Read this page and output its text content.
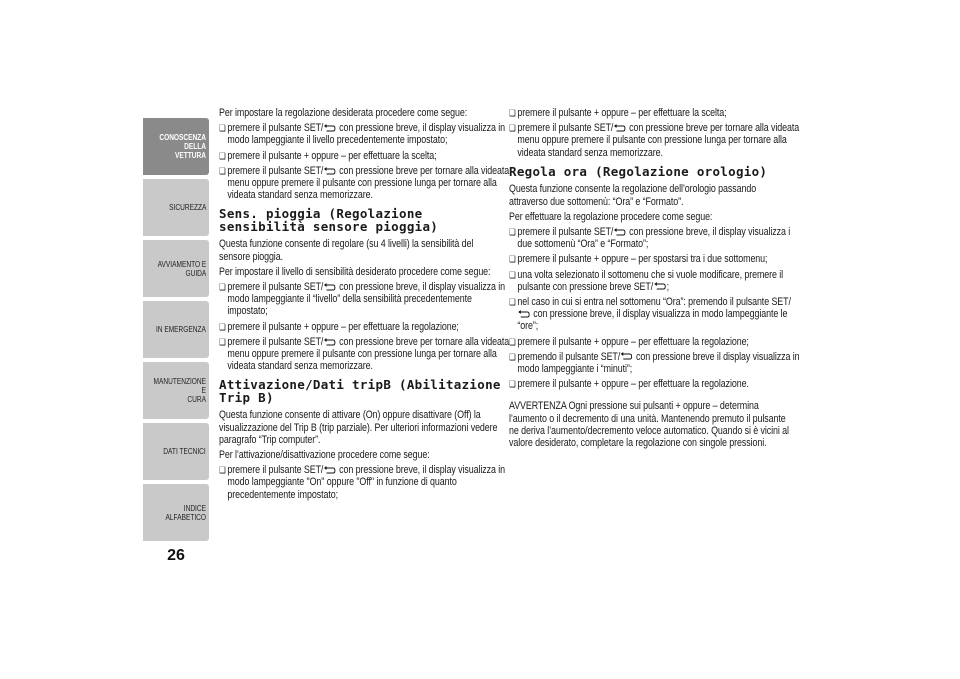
CONOSCENZA
DELLA VETTURA
SICUREZZA
AVVIAMENTO E
GUIDA
IN EMERGENZA
MANUTENZIONE E
CURA
DATI TECNICI
INDICE ALFABETICO
26

Per impostare la regolazione desiderata procedere come segue:

❏ premere il pulsante SET/ con pressione breve, il display visualizza in modo lampeggiante il livello precedentemente impostato;

❏ premere il pulsante + oppure – per effettuare la scelta;

❏ premere il pulsante SET/ con pressione breve per tornare alla videata menu oppure premere il pulsante con pressione lunga per tornare alla videata standard senza memorizzare.

Sens. pioggia (Regolazione sensibilità sensore pioggia)

Questa funzione consente di regolare (su 4 livelli) la sensibilità del sensore pioggia.

Per impostare il livello di sensibilità desiderato procedere come segue:

❏ premere il pulsante SET/ con pressione breve, il display visualizza in modo lampeggiante il “livello” della sensibilità precedentemente impostato;

❏ premere il pulsante + oppure – per effettuare la regolazione;

❏ premere il pulsante SET/ con pressione breve per tornare alla videata menu oppure premere il pulsante con pressione lunga per tornare alla videata standard senza memorizzare.

Attivazione/Dati tripB (Abilitazione Trip B)

Questa funzione consente di attivare (On) oppure disattivare (Off) la visualizzazione del Trip B (trip parziale). Per ulteriori informazioni vedere paragrafo “Trip computer”.

Per l’attivazione/disattivazione procedere come segue:

❏ premere il pulsante SET/ con pressione breve, il display visualizza in modo lampeggiante "On" oppure "Off" in funzione di quanto precedentemente impostato;

❏ premere il pulsante + oppure – per effettuare la scelta;

❏ premere il pulsante SET/ con pressione breve per tornare alla videata menu oppure premere il pulsante con pressione lunga per tornare alla videata standard senza memorizzare.

Regola ora (Regolazione orologio)

Questa funzione consente la regolazione dell’orologio passando attraverso due sottomenù: “Ora” e “Formato”.

Per effettuare la regolazione procedere come segue:

❏ premere il pulsante SET/ con pressione breve, il display visualizza i due sottomenù “Ora” e “Formato”;

❏ premere il pulsante + oppure – per spostarsi tra i due sottomenu;

❏ una volta selezionato il sottomenu che si vuole modificare, premere il pulsante con pressione breve SET/ ;

❏ nel caso in cui si entra nel sottomenu “Ora”: premendo il pulsante SET/ con pressione breve, il display visualizza in modo lampeggiante le “ore”;

❏ premere il pulsante + oppure – per effettuare la regolazione;

❏ premendo il pulsante SET/ con pressione breve il display visualizza in modo lampeggiante i “minuti”;

❏ premere il pulsante + oppure – per effettuare la regolazione.

AVVERTENZA Ogni pressione sui pulsanti + oppure – determina l’aumento o il decremento di una unità. Mantenendo premuto il pulsante ne deriva l’aumento/decremento veloce automatico. Quando si è vicini al valore desiderato, completare la regolazione con singole pressioni.
